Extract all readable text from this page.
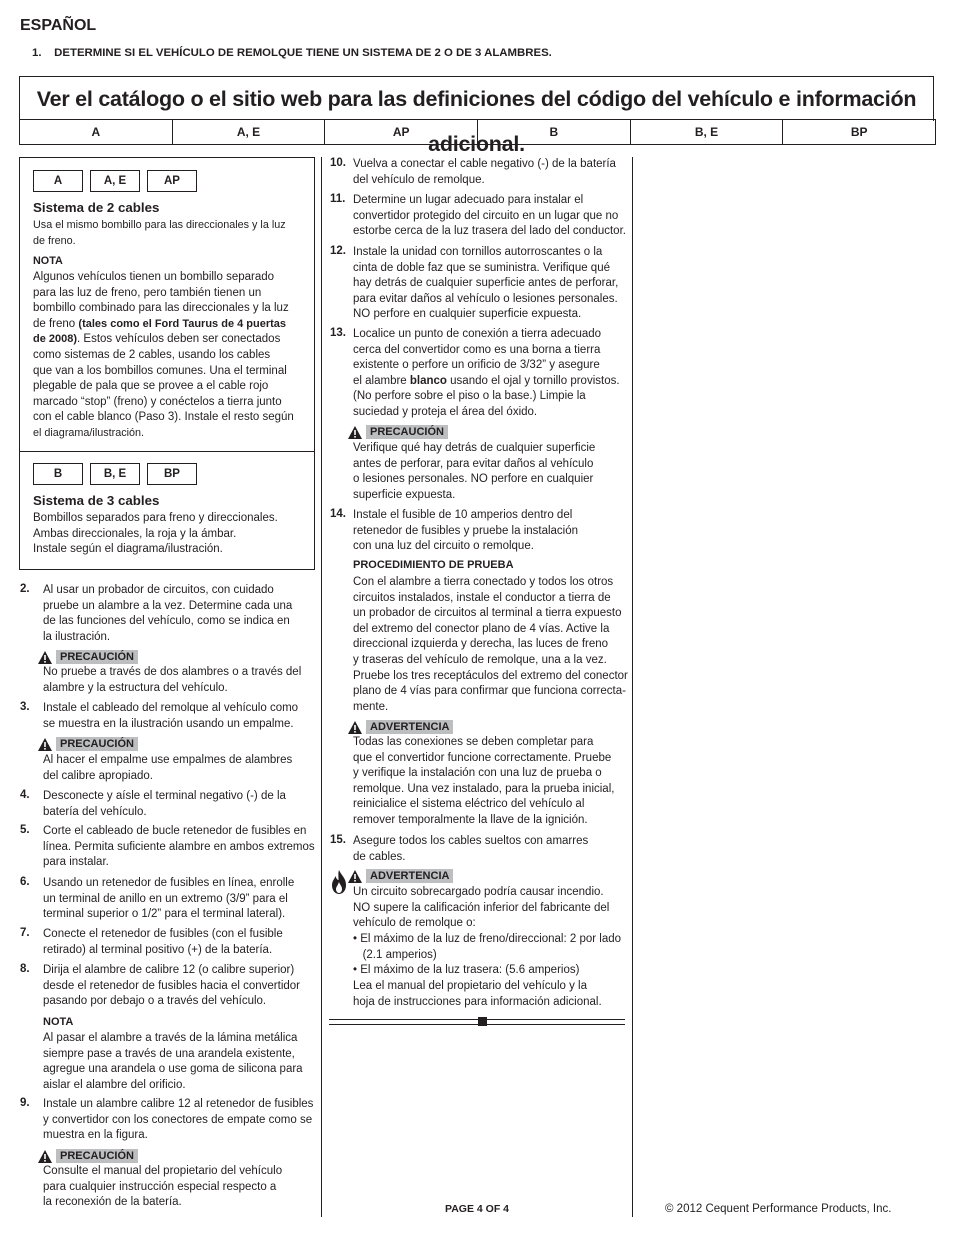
ESPAÑOL
1. DETERMINE SI EL VEHÍCULO DE REMOLQUE TIENE UN SISTEMA DE 2 O DE 3 ALAMBRES.
Ver el catálogo o el sitio web para las definiciones del código del vehículo e información adicional.
A	A, E	AP	B	B, E	BP
A	A, E	AP
Sistema de 2 cables
Usa el mismo bombillo para las direccionales y la luz
de freno.
NOTA
Algunos vehículos tienen un bombillo separado
para las luz de freno, pero también tienen un
bombillo combinado para las direccionales y la luz
de freno (tales como el Ford Taurus de 4 puertas
de 2008). Estos vehículos deben ser conectados
como sistemas de 2 cables, usando los cables
que van a los bombillos comunes. Una el terminal
plegable de pala que se provee a el cable rojo
marcado “stop” (freno) y conéctelos a tierra junto
con el cable blanco (Paso 3). Instale el resto según
el diagrama/ilustración.
B	B, E	BP
Sistema de 3 cables
Bombillos separados para freno y direccionales.
Ambas direccionales, la roja y la ámbar.
Instale según el diagrama/ilustración.
2. Al usar un probador de circuitos, con cuidado
pruebe un alambre a la vez. Determine cada una
de las funciones del vehículo, como se indica en
la ilustración.
PRECAUCIÓN
No pruebe a través de dos alambres o a través del
alambre y la estructura del vehículo.
3. Instale el cableado del remolque al vehículo como
se muestra en la ilustración usando un empalme.
PRECAUCIÓN
Al hacer el empalme use empalmes de alambres
del calibre apropiado.
4. Desconecte y aísle el terminal negativo (-) de la
batería del vehículo.
5. Corte el cableado de bucle retenedor de fusibles en
línea. Permita suficiente alambre en ambos extremos
para instalar.
6. Usando un retenedor de fusibles en línea, enrolle
un terminal de anillo en un extremo (3/9” para el
terminal superior o 1/2” para el terminal lateral).
7. Conecte el retenedor de fusibles (con el fusible
retirado) al terminal positivo (+) de la batería.
8. Dirija el alambre de calibre 12 (o calibre superior)
desde el retenedor de fusibles hacia el convertidor
pasando por debajo o a través del vehículo.
NOTA
Al pasar el alambre a través de la lámina metálica
siempre pase a través de una arandela existente,
agregue una arandela o use goma de silicona para
aislar el alambre del orificio.
9. Instale un alambre calibre 12 al retenedor de fusibles
y convertidor con los conectores de empate como se
muestra en la figura.
PRECAUCIÓN
Consulte el manual del propietario del vehículo
para cualquier instrucción especial respecto a
la reconexión de la batería.
10. Vuelva a conectar el cable negativo (-) de la batería
del vehículo de remolque.
11. Determine un lugar adecuado para instalar el
convertidor protegido del circuito en un lugar que no
estorbe cerca de la luz trasera del lado del conductor.
12. Instale la unidad con tornillos autorroscantes o la
cinta de doble faz que se suministra. Verifique qué
hay detrás de cualquier superficie antes de perforar,
para evitar daños al vehículo o lesiones personales.
NO perfore en cualquier superficie expuesta.
13. Localice un punto de conexión a tierra adecuado
cerca del convertidor como es una borna a tierra
existente o perfore un orificio de 3/32” y asegure
el alambre blanco usando el ojal y tornillo provistos.
(No perfore sobre el piso o la base.) Limpie la
suciedad y proteja el área del óxido.
PRECAUCIÓN
Verifique qué hay detrás de cualquier superficie
antes de perforar, para evitar daños al vehículo
o lesiones personales. NO perfore en cualquier
superficie expuesta.
14. Instale el fusible de 10 amperios dentro del
retenedor de fusibles y pruebe la instalación
con una luz del circuito o remolque.
PROCEDIMIENTO DE PRUEBA
Con el alambre a tierra conectado y todos los otros
circuitos instalados, instale el conductor a tierra de
un probador de circuitos al terminal a tierra expuesto
del extremo del conector plano de 4 vías. Active la
direccional izquierda y derecha, las luces de freno
y traseras del vehículo de remolque, una a la vez.
Pruebe los tres receptáculos del extremo del conector
plano de 4 vías para confirmar que funciona correcta-
mente.
ADVERTENCIA
Todas las conexiones se deben completar para
que el convertidor funcione correctamente. Pruebe
y verifique la instalación con una luz de prueba o
remolque. Una vez instalado, para la prueba inicial,
reinicialice el sistema eléctrico del vehículo al
remover temporalmente la llave de la ignición.
15. Asegure todos los cables sueltos con amarres
de cables.
ADVERTENCIA
Un circuito sobrecargado podría causar incendio.
NO supere la calificación inferior del fabricante del
vehículo de remolque o:
• El máximo de la luz de freno/direccional: 2 por lado
(2.1 amperios)
• El máximo de la luz trasera: (5.6 amperios)
Lea el manual del propietario del vehículo y la
hoja de instrucciones para información adicional.
PAGE 4 OF 4	© 2012 Cequent Performance Products, Inc.
